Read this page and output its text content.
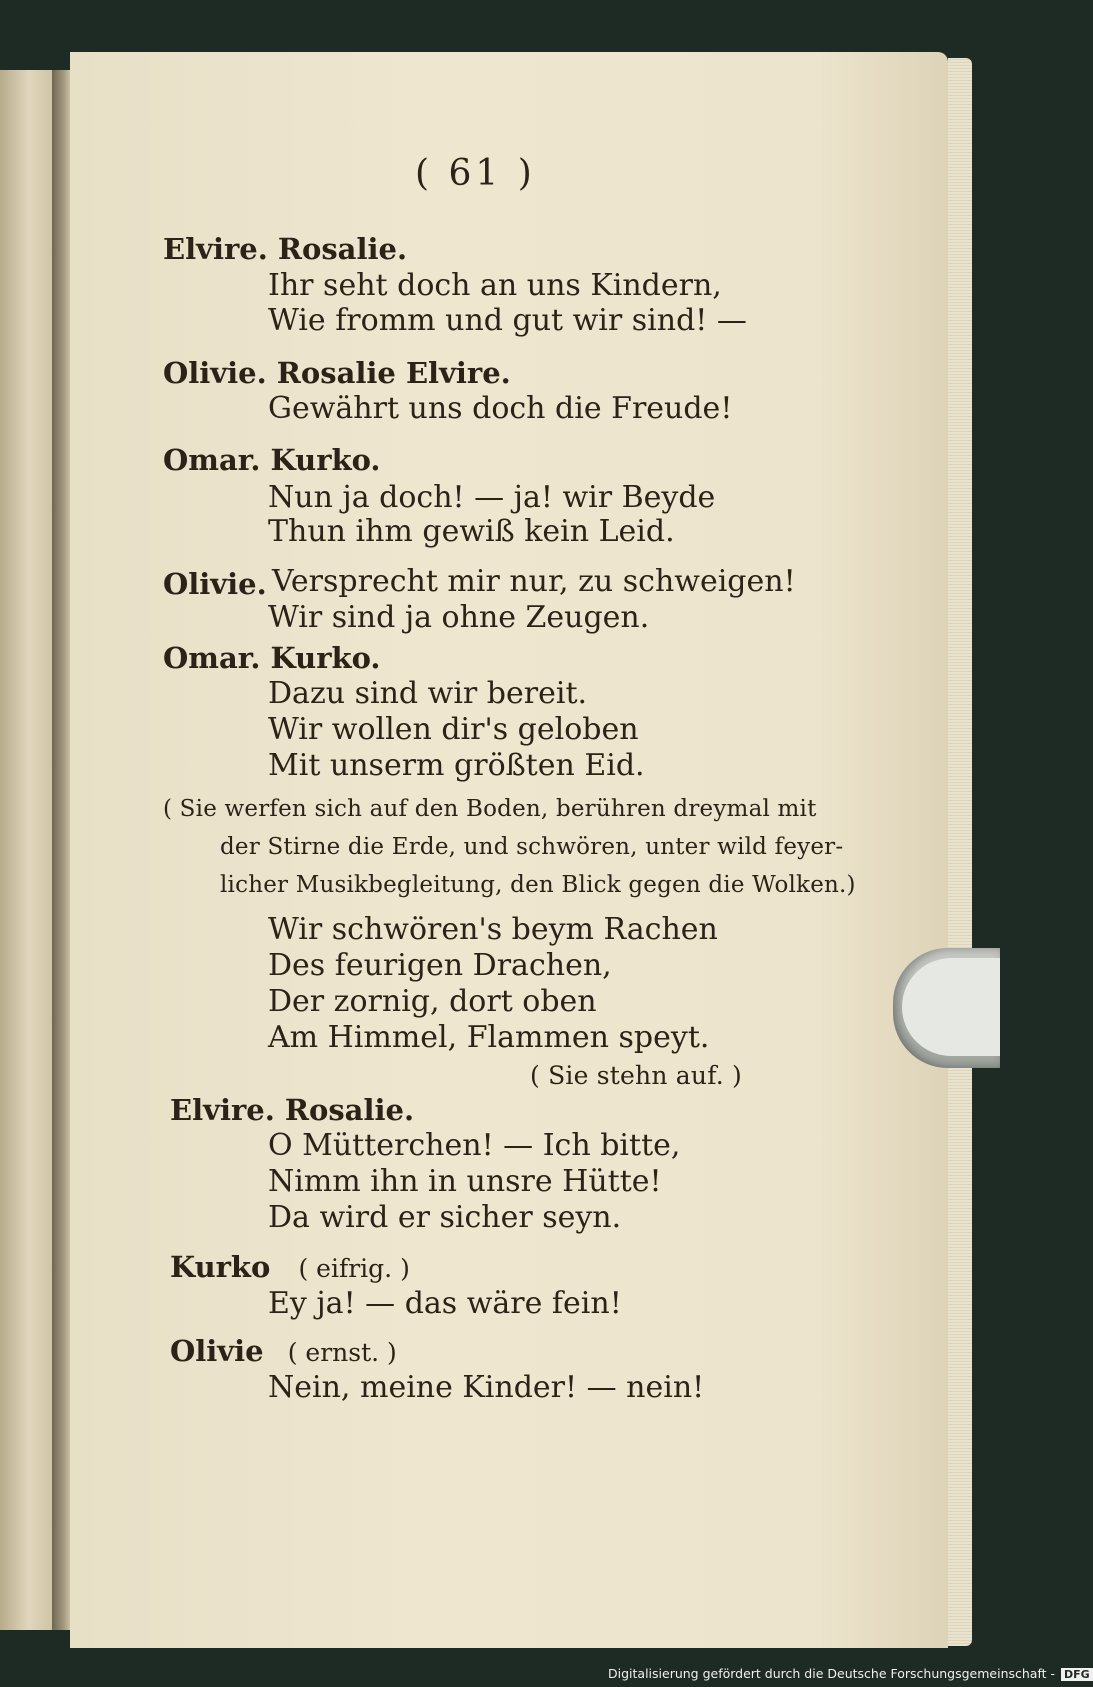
( 61 )
Elvire. Rosalie.
Ihr seht doch an uns Kindern,
Wie fromm und gut wir sind! —
Olivie. Rosalie Elvire.
Gewährt uns doch die Freude!
Omar. Kurko.
Nun ja doch! — ja! wir Beyde
Thun ihm gewiß kein Leid.
Olivie. Versprecht mir nur, zu schweigen!
Wir sind ja ohne Zeugen.
Omar. Kurko.
Dazu sind wir bereit.
Wir wollen dir's geloben
Mit unserm größten Eid.
( Sie werfen sich auf den Boden, berühren dreymal mit
der Stirne die Erde, und schwören, unter wild feyer-
licher Musikbegleitung, den Blick gegen die Wolken.)
Wir schwören's beym Rachen
Des feurigen Drachen,
Der zornig, dort oben
Am Himmel, Flammen speyt.
( Sie stehn auf. )
Elvire. Rosalie.
O Mütterchen! — Ich bitte,
Nimm ihn in unsre Hütte!
Da wird er sicher seyn.
Kurko ( eifrig. )
Ey ja! — das wäre fein!
Olivie ( ernst. )
Nein, meine Kinder! — nein!
Digitalisierung gefördert durch die Deutsche Forschungsgemeinschaft - DFG
